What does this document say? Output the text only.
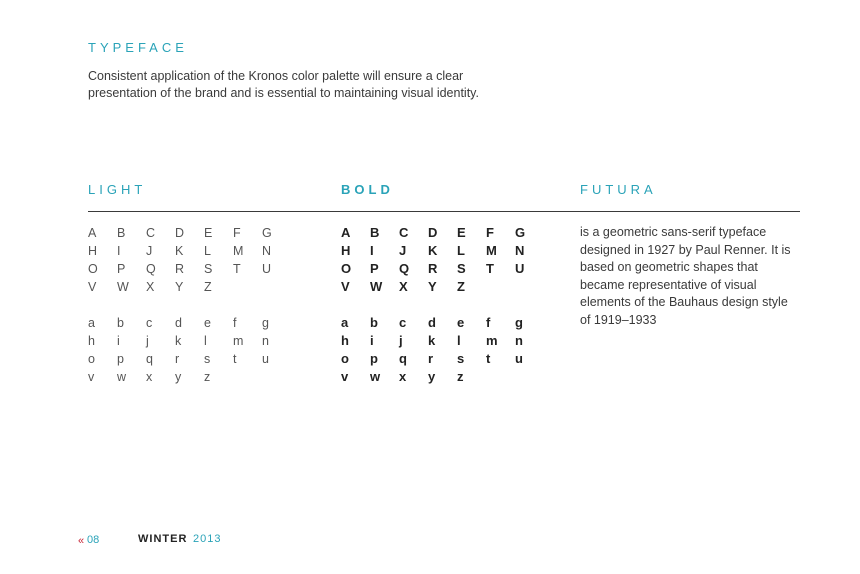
TYPEFACE
Consistent application of the Kronos color palette will ensure a clear presentation of the brand and is essential to maintaining visual identity.
LIGHT	BOLD	FUTURA
A B C D E F G
H I J K L M N
O P Q R S T U
V W X Y Z
a b c d e f g
h i j k l m n
o p q r s t u
v w x y z
A B C D E F G
H I J K L M N
O P Q R S T U
V W X Y Z
a b c d e f g
h i j k l m n
o p q r s t u
v w x y z
is a geometric sans-serif typeface designed in 1927 by Paul Renner. It is based on geometric shapes that became representative of visual elements of the Bauhaus design style of 1919–1933
« 08	WINTER 2013
